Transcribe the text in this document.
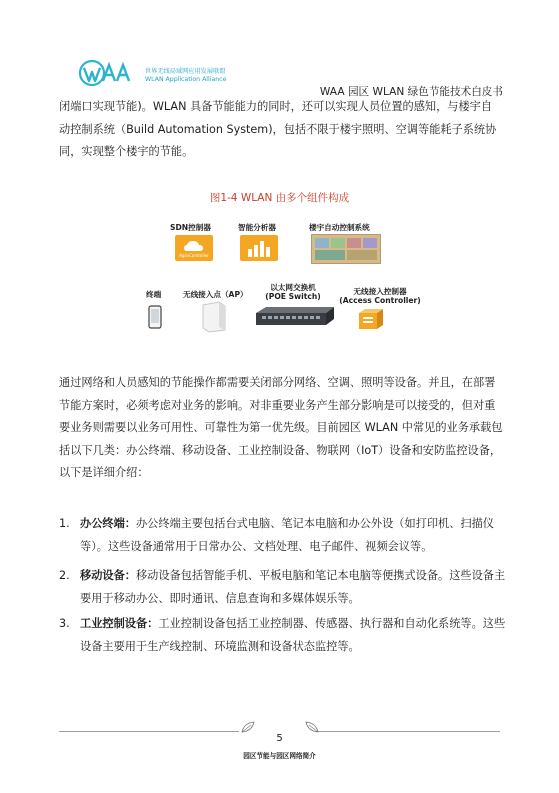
世界无线局域网应用发展联盟
WLAN Application Alliance
WAA 园区 WLAN 绿色节能技术白皮书
闭端口实现节能)。WLAN 具备节能能力的同时，还可以实现人员位置的感知，与楼宇自动控制系统（Build Automation System)，包括不限于楼宇照明、空调等能耗子系统协同，实现整个楼宇的节能。
图1-4 WLAN 由多个组件构成
SDN控制器
AgileController
智能分析器	楼宇自动控制系统
终端	无线接入点（AP）
以太网交换机
(POE Switch)
无线接入控制器
(Access Controller)
通过网络和人员感知的节能操作都需要关闭部分网络、空调、照明等设备。并且，在部署节能方案时，必须考虑对业务的影响。对非重要业务产生部分影响是可以接受的，但对重要业务则需要以业务可用性、可靠性为第一优先级。目前园区 WLAN 中常见的业务承载包括以下几类：办公终端、移动设备、工业控制设备、物联网（IoT）设备和安防监控设备，以下是详细介绍：
1. 办公终端：办公终端主要包括台式电脑、笔记本电脑和办公外设（如打印机、扫描仪等）。这些设备通常用于日常办公、文档处理、电子邮件、视频会议等。
2. 移动设备：移动设备包括智能手机、平板电脑和笔记本电脑等便携式设备。这些设备主要用于移动办公、即时通讯、信息查询和多媒体娱乐等。
3. 工业控制设备：工业控制设备包括工业控制器、传感器、执行器和自动化系统等。这些设备主要用于生产线控制、环境监测和设备状态监控等。
5
园区节能与园区网络简介
